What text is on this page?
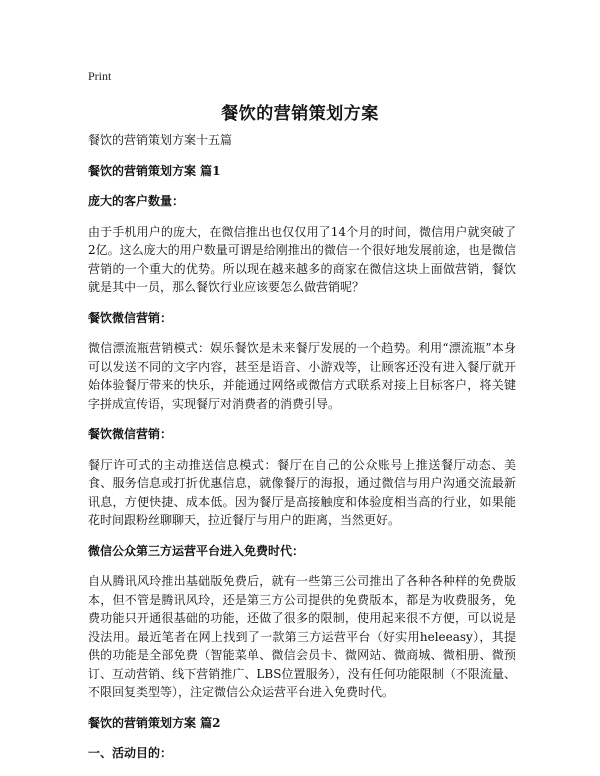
Print
餐饮的营销策划方案
餐饮的营销策划方案十五篇
餐饮的营销策划方案 篇1
庞大的客户数量：
由于手机用户的庞大，在微信推出也仅仅用了14个月的时间，微信用户就突破了2亿。这么庞大的用户数量可谓是给刚推出的微信一个很好地发展前途，也是微信营销的一个重大的优势。所以现在越来越多的商家在微信这块上面做营销，餐饮就是其中一员，那么餐饮行业应该要怎么做营销呢？
餐饮微信营销：
微信漂流瓶营销模式：娱乐餐饮是未来餐厅发展的一个趋势。利用“漂流瓶”本身可以发送不同的文字内容，甚至是语音、小游戏等，让顾客还没有进入餐厅就开始体验餐厅带来的快乐，并能通过网络或微信方式联系对接上目标客户，将关键字拼成宣传语，实现餐厅对消费者的消费引导。
餐饮微信营销：
餐厅许可式的主动推送信息模式：餐厅在自己的公众账号上推送餐厅动态、美食、服务信息或打折优惠信息，就像餐厅的海报，通过微信与用户沟通交流最新讯息，方便快捷、成本低。因为餐厅是高接触度和体验度相当高的行业，如果能花时间跟粉丝聊聊天，拉近餐厅与用户的距离，当然更好。
微信公众第三方运营平台进入免费时代：
自从腾讯风玲推出基础版免费后，就有一些第三公司推出了各种各种样的免费版本，但不管是腾讯风玲，还是第三方公司提供的免费版本，都是为收费服务，免费功能只开通很基础的功能，还做了很多的限制，使用起来很不方便，可以说是没法用。最近笔者在网上找到了一款第三方运营平台（好实用heleeasy），其提供的功能是全部免费（智能菜单、微信会员卡、微网站、微商城、微相册、微预订、互动营销、线下营销推广、LBS位置服务），没有任何功能限制（不限流量、不限回复类型等），注定微信公众运营平台进入免费时代。
餐饮的营销策划方案 篇2
一、活动目的：
